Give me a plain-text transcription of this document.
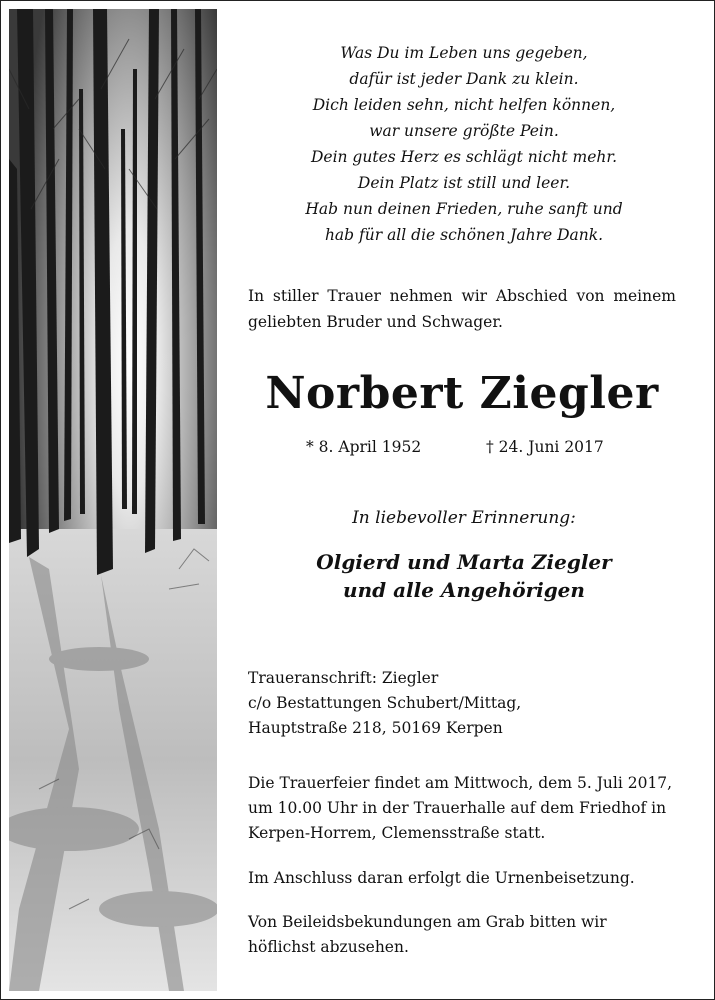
Was Du im Leben uns gegeben,
dafür ist jeder Dank zu klein.
Dich leiden sehn, nicht helfen können,
war unsere größte Pein.
Dein gutes Herz es schlägt nicht mehr.
Dein Platz ist still und leer.
Hab nun deinen Frieden, ruhe sanft und
hab für all die schönen Jahre Dank.
In stiller Trauer nehmen wir Abschied von meinem geliebten Bruder und Schwager.
Norbert Ziegler
* 8. April 1952	† 24. Juni 2017
In liebevoller Erinnerung:
Olgierd und Marta Ziegler
und alle Angehörigen
Traueranschrift: Ziegler
c/o Bestattungen Schubert/Mittag,
Hauptstraße 218, 50169 Kerpen
Die Trauerfeier findet am Mittwoch, dem 5. Juli 2017,
um 10.00 Uhr in der Trauerhalle auf dem Friedhof in
Kerpen-Horrem, Clemensstraße statt.
Im Anschluss daran erfolgt die Urnenbeisetzung.
Von Beileidsbekundungen am Grab bitten wir
höflichst abzusehen.
